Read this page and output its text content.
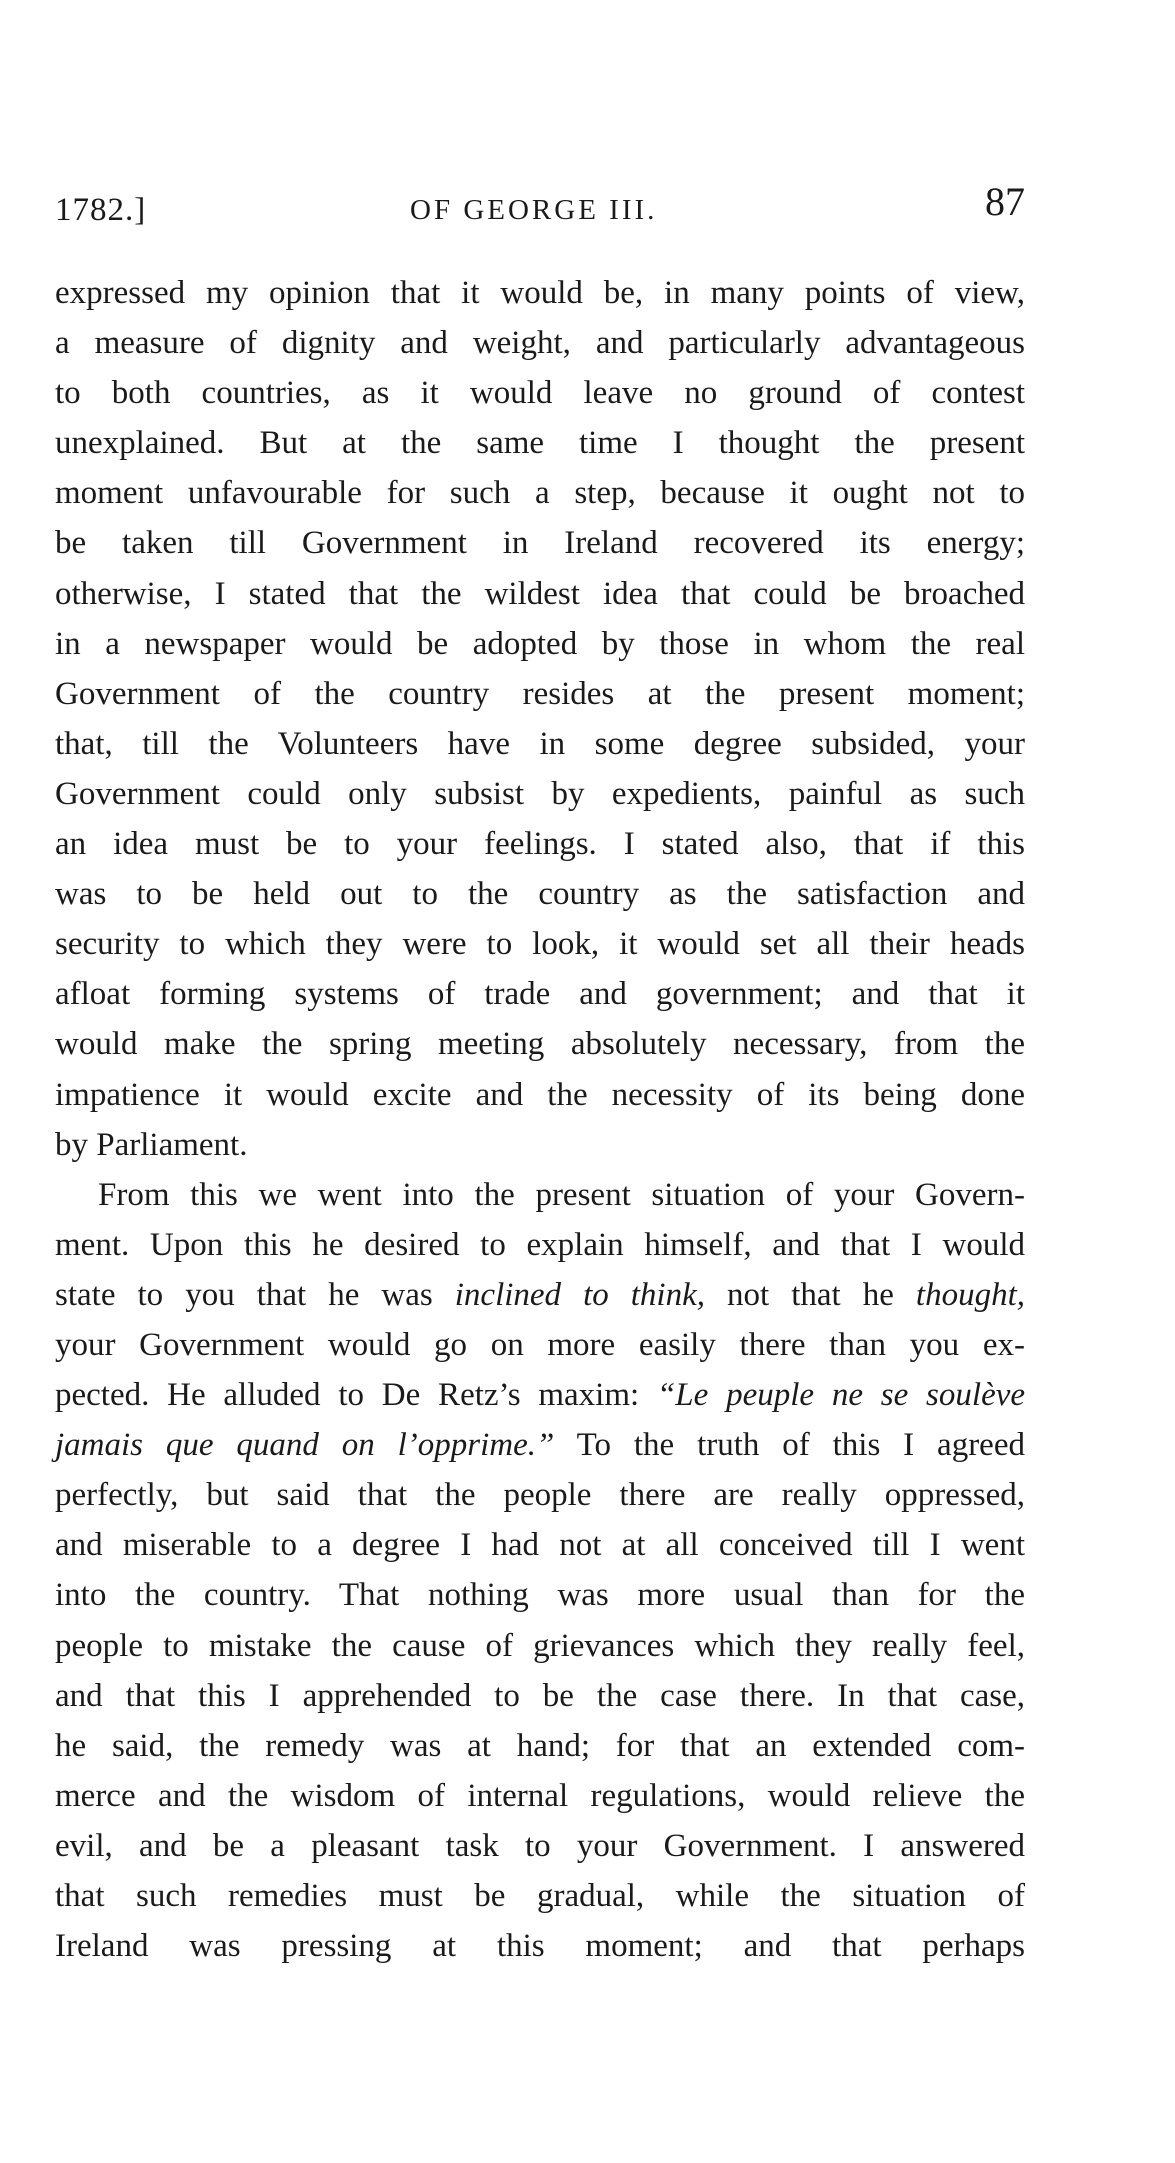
1782.]	OF GEORGE III.	87
expressed my opinion that it would be, in many points of view,
a measure of dignity and weight, and particularly advantageous
to both countries, as it would leave no ground of contest
unexplained. But at the same time I thought the present
moment unfavourable for such a step, because it ought not to
be taken till Government in Ireland recovered its energy;
otherwise, I stated that the wildest idea that could be broached
in a newspaper would be adopted by those in whom the real
Government of the country resides at the present moment;
that, till the Volunteers have in some degree subsided, your
Government could only subsist by expedients, painful as such
an idea must be to your feelings. I stated also, that if this
was to be held out to the country as the satisfaction and
security to which they were to look, it would set all their heads
afloat forming systems of trade and government; and that it
would make the spring meeting absolutely necessary, from the
impatience it would excite and the necessity of its being done
by Parliament.
From this we went into the present situation of your Govern-
ment. Upon this he desired to explain himself, and that I would
state to you that he was inclined to think, not that he thought,
your Government would go on more easily there than you ex-
pected. He alluded to De Retz’s maxim: “Le peuple ne se soulève
jamais que quand on l’opprime.” To the truth of this I agreed
perfectly, but said that the people there are really oppressed,
and miserable to a degree I had not at all conceived till I went
into the country. That nothing was more usual than for the
people to mistake the cause of grievances which they really feel,
and that this I apprehended to be the case there. In that case,
he said, the remedy was at hand; for that an extended com-
merce and the wisdom of internal regulations, would relieve the
evil, and be a pleasant task to your Government. I answered
that such remedies must be gradual, while the situation of
Ireland was pressing at this moment; and that perhaps
